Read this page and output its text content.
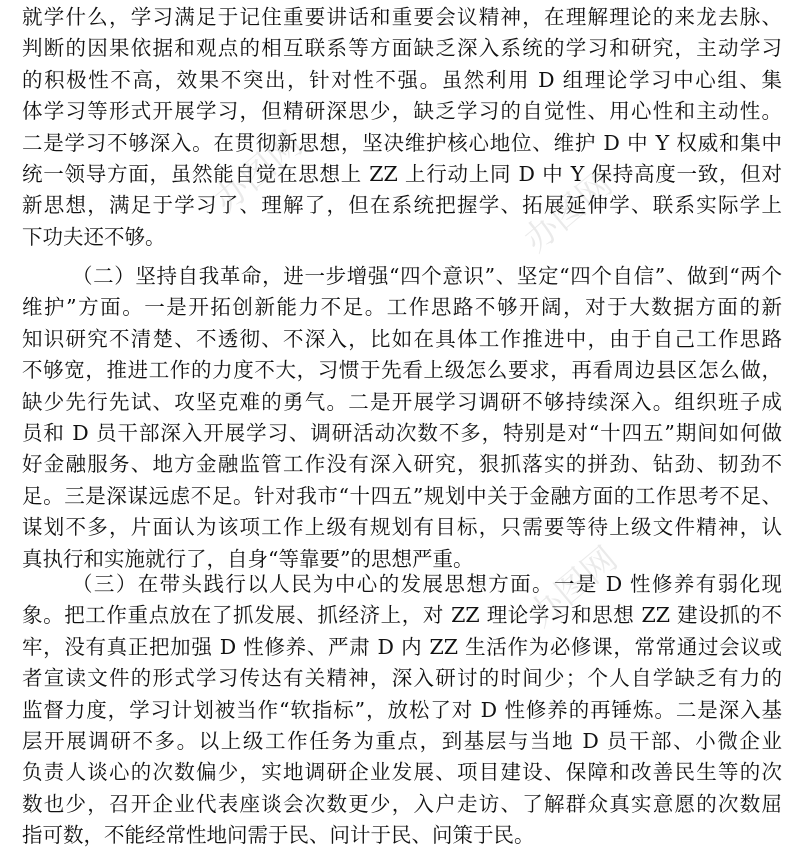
办图网	办图网
办图网
就学什么，学习满足于记住重要讲话和重要会议精神，在理解理论的来龙去脉、
判断的因果依据和观点的相互联系等方面缺乏深入系统的学习和研究，主动学习
的积极性不高，效果不突出，针对性不强。虽然利用 D 组理论学习中心组、集
体学习等形式开展学习，但精研深思少，缺乏学习的自觉性、用心性和主动性。
二是学习不够深入。在贯彻新思想，坚决维护核心地位、维护 D 中 Y 权威和集中
统一领导方面，虽然能自觉在思想上 ZZ 上行动上同 D 中 Y 保持高度一致，但对
新思想，满足于学习了、理解了，但在系统把握学、拓展延伸学、联系实际学上
下功夫还不够。
（二）坚持自我革命，进一步增强“四个意识”、坚定“四个自信”、做到“两个
维护”方面。一是开拓创新能力不足。工作思路不够开阔，对于大数据方面的新
知识研究不清楚、不透彻、不深入，比如在具体工作推进中，由于自己工作思路
不够宽，推进工作的力度不大，习惯于先看上级怎么要求，再看周边县区怎么做，
缺少先行先试、攻坚克难的勇气。二是开展学习调研不够持续深入。组织班子成
员和 D 员干部深入开展学习、调研活动次数不多，特别是对“十四五”期间如何做
好金融服务、地方金融监管工作没有深入研究，狠抓落实的拼劲、钻劲、韧劲不
足。三是深谋远虑不足。针对我市“十四五”规划中关于金融方面的工作思考不足、
谋划不多，片面认为该项工作上级有规划有目标，只需要等待上级文件精神，认
真执行和实施就行了，自身“等靠要”的思想严重。
（三）在带头践行以人民为中心的发展思想方面。一是 D 性修养有弱化现
象。把工作重点放在了抓发展、抓经济上，对 ZZ 理论学习和思想 ZZ 建设抓的不
牢，没有真正把加强 D 性修养、严肃 D 内 ZZ 生活作为必修课，常常通过会议或
者宣读文件的形式学习传达有关精神，深入研讨的时间少；个人自学缺乏有力的
监督力度，学习计划被当作“软指标”，放松了对 D 性修养的再锤炼。二是深入基
层开展调研不多。以上级工作任务为重点，到基层与当地 D 员干部、小微企业
负责人谈心的次数偏少，实地调研企业发展、项目建设、保障和改善民生等的次
数也少，召开企业代表座谈会次数更少，入户走访、了解群众真实意愿的次数屈
指可数，不能经常性地问需于民、问计于民、问策于民。
